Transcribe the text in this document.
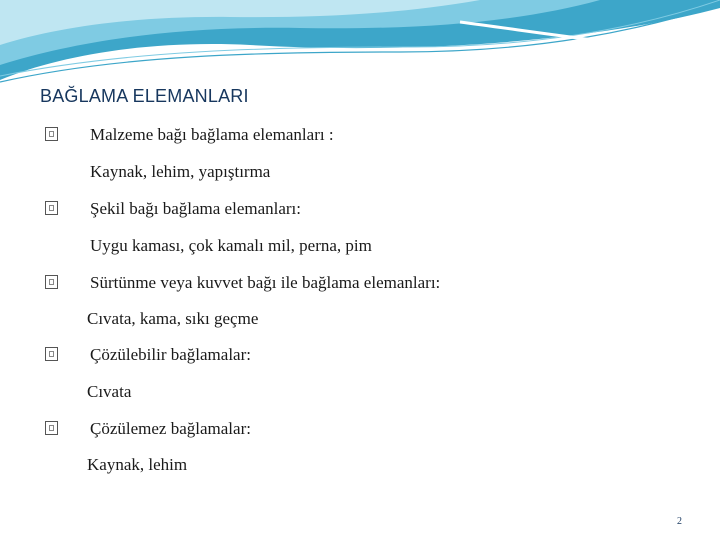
BAĞLAMA ELEMANLARI
Malzeme bağı bağlama elemanları :
Kaynak, lehim, yapıştırma
Şekil bağı bağlama elemanları:
Uygu kaması, çok kamalı mil, perna, pim
Sürtünme veya kuvvet bağı ile bağlama elemanları:
Cıvata, kama, sıkı geçme
Çözülebilir bağlamalar:
Cıvata
Çözülemez bağlamalar:
Kaynak, lehim
2
